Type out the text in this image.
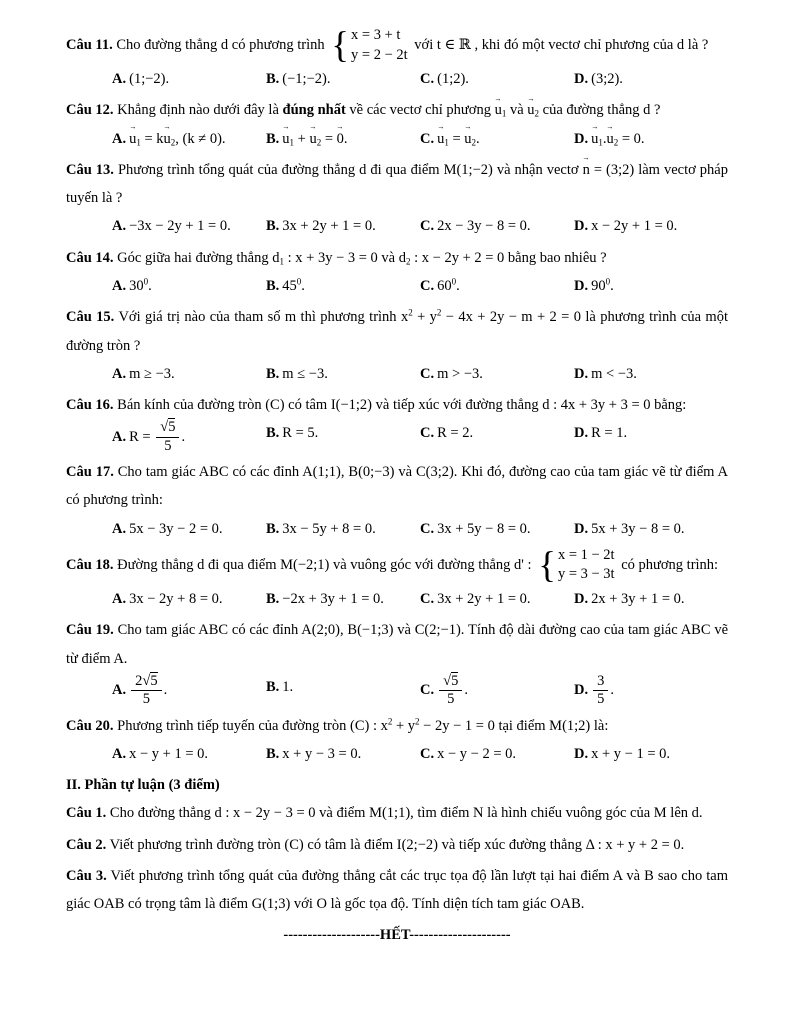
Câu 11. Cho đường thẳng d có phương trình { x = 3 + t
y = 2 − 2t
với t ∈ ℝ , khi đó một vectơ chỉ phương của d là ?

A. (1;−2).	B. (−1;−2).	C. (1;2).	D. (3;2).

Câu 12. Khẳng định nào dưới đây là đúng nhất về các vectơ chỉ phương $u \to_1$ và $u \to_2$ của đường thẳng d ?

A. $u \to_1$ = ku $\to_2$, (k ≠ 0).	B. $u \to_1 + u \to_2 = 0$ →.	C. $u \to_1 = u \to_2$.	D. $u \to_1.u \to_2 = 0$.

Câu 13. Phương trình tổng quát của đường thẳng d đi qua điểm M(1;−2) và nhận vectơ n → = (3;2) làm vectơ pháp tuyến là ?

A. −3x − 2y + 1 = 0.	B. 3x + 2y + 1 = 0.	C. 2x − 3y − 8 = 0.	D. x − 2y + 1 = 0.

Câu 14. Góc giữa hai đường thẳng $d_1$ : x + 3y − 3 = 0 và $d_2$ : x − 2y + 2 = 0 bằng bao nhiêu ?

A. $30^0$.	B. $45^0$.	C. $60^0$.	D. $90^0$.

Câu 15. Với giá trị nào của tham số m thì phương trình $x^2 + y^2 - 4x + 2y - m + 2 = 0$ là phương trình của một đường tròn ?

A. m ≥ −3.	B. m ≤ −3.	C. m > −3.	D. m < −3.

Câu 16. Bán kính của đường tròn (C) có tâm I(−1;2) và tiếp xúc với đường thẳng d : 4x + 3y + 3 = 0 bằng:

A. $R = \frac{√5}{5}$ .	B. R = 5.	C. R = 2.	D. R = 1.

Câu 17. Cho tam giác ABC có các đỉnh A(1;1), B(0;−3) và C(3;2). Khi đó, đường cao của tam giác vẽ từ điểm A có phương trình:

A. 5x − 3y − 2 = 0.	B. 3x − 5y + 8 = 0.	C. 3x + 5y − 8 = 0.	D. 5x + 3y − 8 = 0.

Câu 18. Đường thẳng d đi qua điểm M(−2;1) và vuông góc với đường thẳng d' : { x = 1 − 2t
y = 3 − 3t
có phương trình:

A. 3x − 2y + 8 = 0.	B. −2x + 3y + 1 = 0.	C. 3x + 2y + 1 = 0.	D. 2x + 3y + 1 = 0.

Câu 19. Cho tam giác ABC có các đỉnh A(2;0), B(−1;3) và C(2;−1). Tính độ dài đường cao của tam giác ABC vẽ từ điểm A.

A. $\frac{2√5}{5}$ .	B. 1.	C. $\frac{√5}{5}$ .	D. $\frac{3}{5}$ .

Câu 20. Phương trình tiếp tuyến của đường tròn (C) : $x^2 + y^2 - 2y - 1 = 0$ tại điểm M(1;2) là:

A. x − y + 1 = 0.	B. x + y − 3 = 0.	C. x − y − 2 = 0.	D. x + y − 1 = 0.

II. Phần tự luận (3 điểm)

Câu 1. Cho đường thẳng d : x − 2y − 3 = 0 và điểm M(1;1), tìm điểm N là hình chiếu vuông góc của M lên d.

Câu 2. Viết phương trình đường tròn (C) có tâm là điểm I(2;−2) và tiếp xúc đường thẳng Δ : x + y + 2 = 0.

Câu 3. Viết phương trình tổng quát của đường thẳng cắt các trục tọa độ lần lượt tại hai điểm A và B sao cho tam giác OAB có trọng tâm là điểm G(1;3) với O là gốc tọa độ. Tính diện tích tam giác OAB.

--------------------HẾT---------------------
